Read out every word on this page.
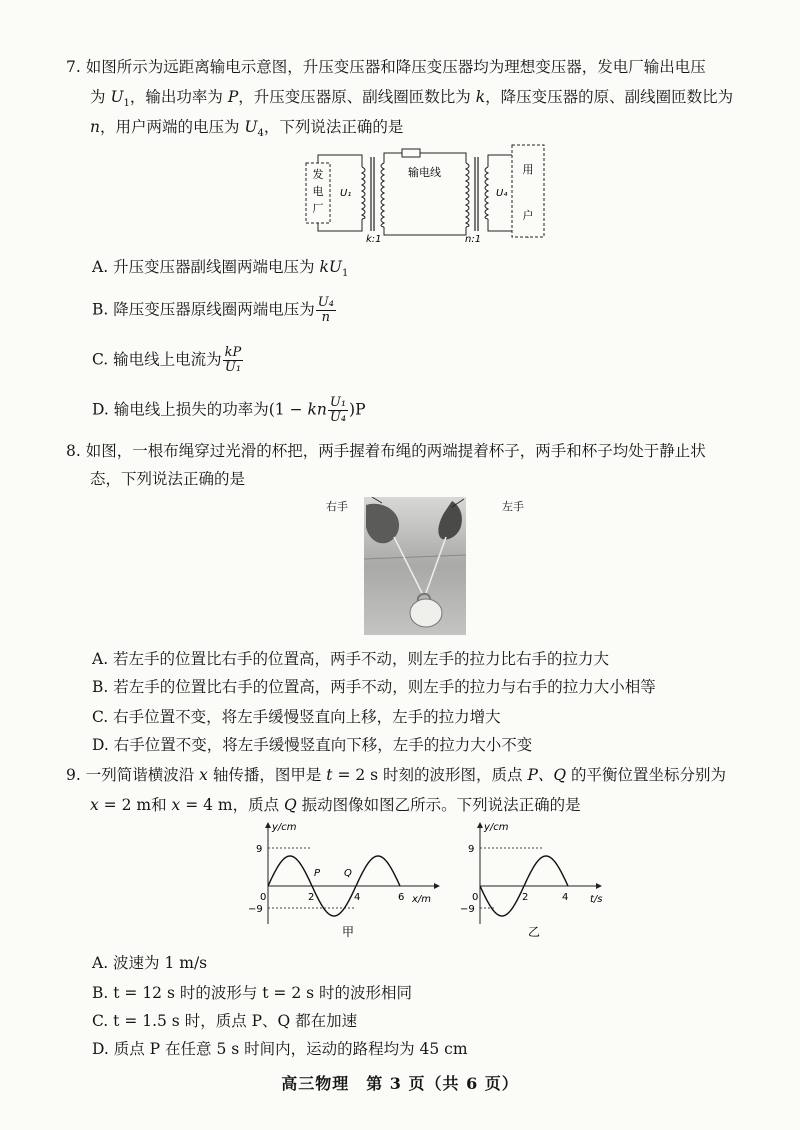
7. 如图所示为远距离输电示意图，升压变压器和降压变压器均为理想变压器，发电厂输出电压
为 $U_1$，输出功率为 P，升压变压器原、副线圈匝数比为 k，降压变压器的原、副线圈匝数比为
n，用户两端的电压为 $U_4$，下列说法正确的是
发
电
厂
U₁
输电线
U₄
用
户
k:1	n:1
A. 升压变压器副线圈两端电压为 $kU_1$
B. 降压变压器原线圈两端电压为 $\frac{\text{U₄}}{n}$
C. 输电线上电流为 $\frac{kP}{\text{U₁}}$
D. 输电线上损失的功率为(1 − kn $\frac{\text{U₁}}{\text{U₄}} )P$
8. 如图，一根布绳穿过光滑的杯把，两手握着布绳的两端提着杯子，两手和杯子均处于静止状
态，下列说法正确的是
右手	左手
A. 若左手的位置比右手的位置高，两手不动，则左手的拉力比右手的拉力大
B. 若左手的位置比右手的位置高，两手不动，则左手的拉力与右手的拉力大小相等
C. 右手位置不变，将左手缓慢竖直向上移，左手的拉力增大
D. 右手位置不变，将左手缓慢竖直向下移，左手的拉力大小不变
9. 一列简谐横波沿 x 轴传播，图甲是 t = 2 s 时刻的波形图，质点 P、Q 的平衡位置坐标分别为
x = 2 m和 x = 4 m，质点 Q 振动图像如图乙所示。下列说法正确的是
y/cm
x/m
9
−9
0	2	4	6
P Q
甲
y/cm
t/s
9
−9
0	2	4
乙
A. 波速为 1 m/s
B. t = 12 s 时的波形与 t = 2 s 时的波形相同
C. t = 1.5 s 时，质点 P、Q 都在加速
D. 质点 P 在任意 5 s 时间内，运动的路程均为 45 cm
高三物理　第 3 页（共 6 页）
